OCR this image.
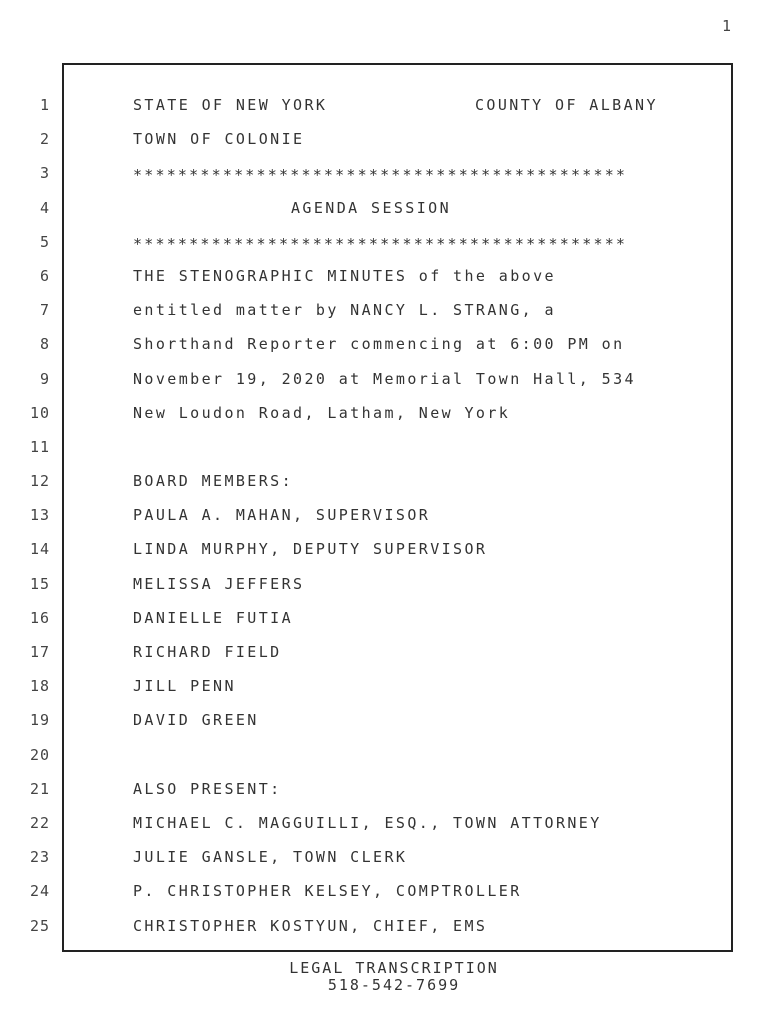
1
1
2
3
4
5
6
7
8
9
10
11
12
13
14
15
16
17
18
19
20
21
22
23
24
25
STATE OF NEW YORK	COUNTY OF ALBANY
TOWN OF COLONIE
********************************************
AGENDA SESSION
********************************************
THE STENOGRAPHIC MINUTES of the above
entitled matter by NANCY L. STRANG, a
Shorthand Reporter commencing at 6:00 PM on
November 19, 2020 at Memorial Town Hall, 534
New Loudon Road, Latham, New York
BOARD MEMBERS:
PAULA A. MAHAN, SUPERVISOR
LINDA MURPHY, DEPUTY SUPERVISOR
MELISSA JEFFERS
DANIELLE FUTIA
RICHARD FIELD
JILL PENN
DAVID GREEN
ALSO PRESENT:
MICHAEL C. MAGGUILLI, ESQ., TOWN ATTORNEY
JULIE GANSLE, TOWN CLERK
P. CHRISTOPHER KELSEY, COMPTROLLER
CHRISTOPHER KOSTYUN, CHIEF, EMS
LEGAL TRANSCRIPTION
518-542-7699
